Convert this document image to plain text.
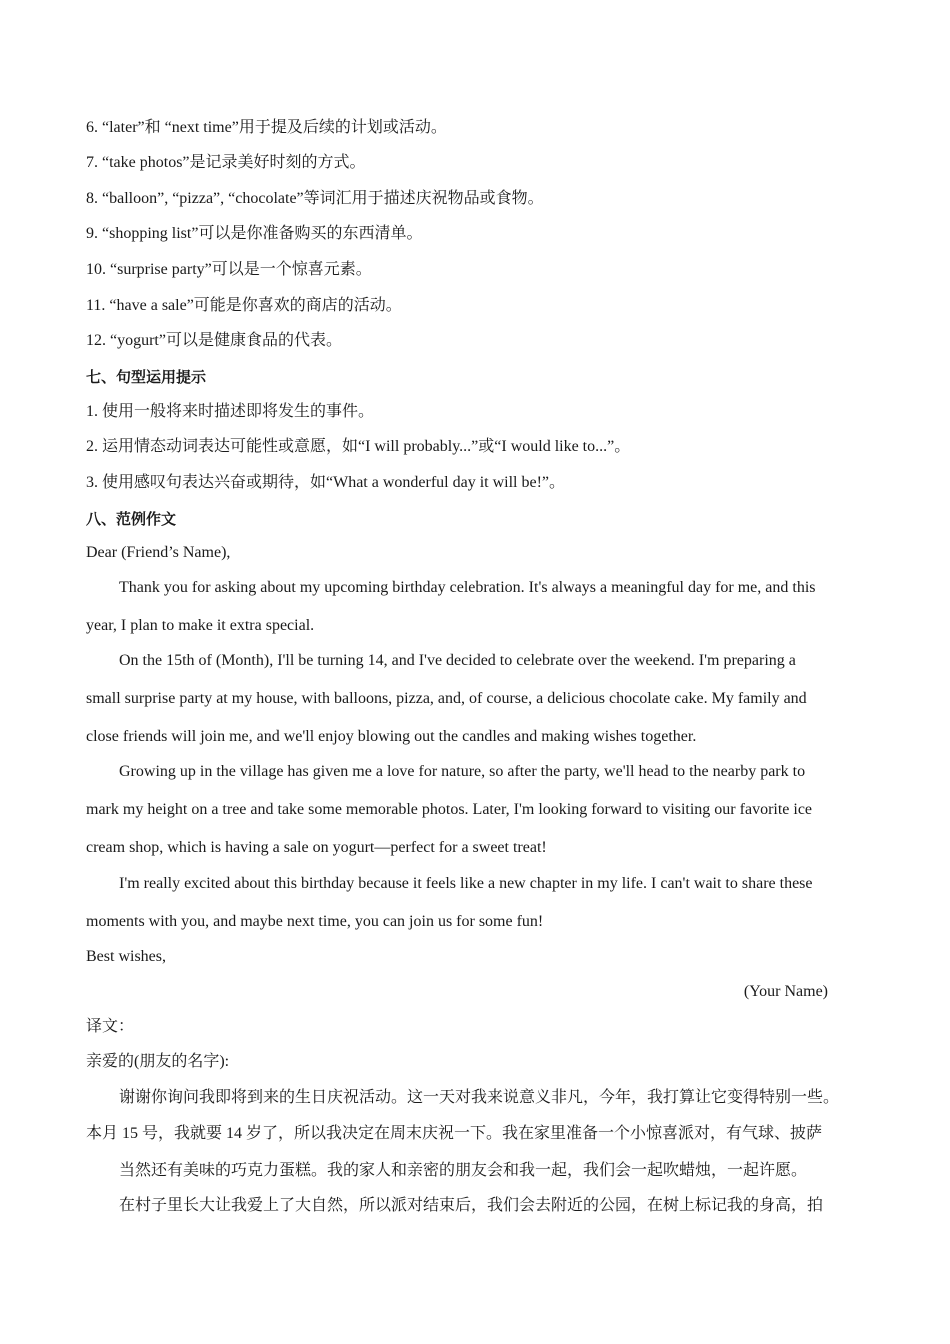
6. “later”和 “next time”用于提及后续的计划或活动。
7. “take photos”是记录美好时刻的方式。
8. “balloon”, “pizza”, “chocolate”等词汇用于描述庆祝物品或食物。
9. “shopping list”可以是你准备购买的东西清单。
10. “surprise party”可以是一个惊喜元素。
11. “have a sale”可能是你喜欢的商店的活动。
12. “yogurt”可以是健康食品的代表。
七、句型运用提示
1. 使用一般将来时描述即将发生的事件。
2. 运用情态动词表达可能性或意愿，如“I will probably...”或“I would like to...”。
3. 使用感叹句表达兴奋或期待，如“What a wonderful day it will be!”。
八、范例作文
Dear (Friend’s Name),
Thank you for asking about my upcoming birthday celebration. It's always a meaningful day for me, and this
year, I plan to make it extra special.
On the 15th of (Month), I'll be turning 14, and I've decided to celebrate over the weekend. I'm preparing a
small surprise party at my house, with balloons, pizza, and, of course, a delicious chocolate cake. My family and
close friends will join me, and we'll enjoy blowing out the candles and making wishes together.
Growing up in the village has given me a love for nature, so after the party, we'll head to the nearby park to
mark my height on a tree and take some memorable photos. Later, I'm looking forward to visiting our favorite ice
cream shop, which is having a sale on yogurt—perfect for a sweet treat!
I'm really excited about this birthday because it feels like a new chapter in my life. I can't wait to share these
moments with you, and maybe next time, you can join us for some fun!
Best wishes,
(Your Name)
译文：
亲爱的(朋友的名字):
谢谢你询问我即将到来的生日庆祝活动。这一天对我来说意义非凡，今年，我打算让它变得特别一些。
本月 15 号，我就要 14 岁了，所以我决定在周末庆祝一下。我在家里准备一个小惊喜派对，有气球、披萨
当然还有美味的巧克力蛋糕。我的家人和亲密的朋友会和我一起，我们会一起吹蜡烛，一起许愿。
在村子里长大让我爱上了大自然，所以派对结束后，我们会去附近的公园，在树上标记我的身高，拍
